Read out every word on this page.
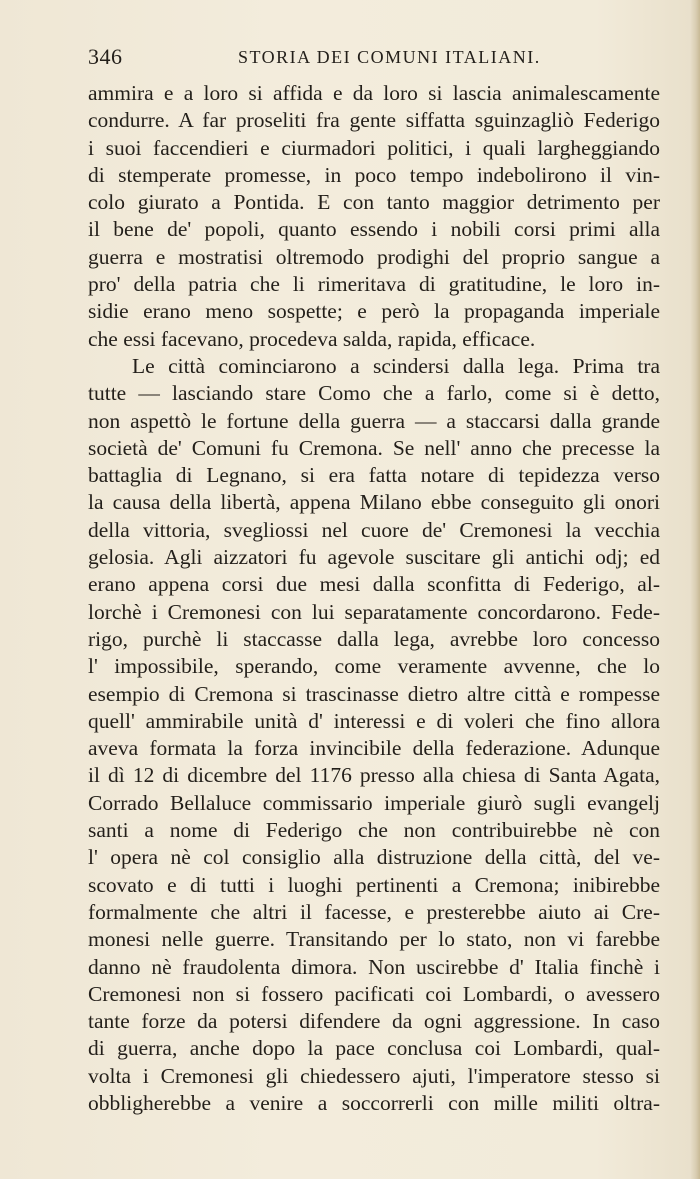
346	STORIA DEI COMUNI ITALIANI.
ammira e a loro si affida e da loro si lascia animalescamente
condurre. A far proseliti fra gente siffatta sguinzagliò Federigo
i suoi faccendieri e ciurmadori politici, i quali largheggiando
di stemperate promesse, in poco tempo indebolirono il vin-
colo giurato a Pontida. E con tanto maggior detrimento per
il bene de' popoli, quanto essendo i nobili corsi primi alla
guerra e mostratisi oltremodo prodighi del proprio sangue a
pro' della patria che li rimeritava di gratitudine, le loro in-
sidie erano meno sospette; e però la propaganda imperiale
che essi facevano, procedeva salda, rapida, efficace.
Le città cominciarono a scindersi dalla lega. Prima tra
tutte — lasciando stare Como che a farlo, come si è detto,
non aspettò le fortune della guerra — a staccarsi dalla grande
società de' Comuni fu Cremona. Se nell' anno che precesse la
battaglia di Legnano, si era fatta notare di tepidezza verso
la causa della libertà, appena Milano ebbe conseguito gli onori
della vittoria, svegliossi nel cuore de' Cremonesi la vecchia
gelosia. Agli aizzatori fu agevole suscitare gli antichi odj; ed
erano appena corsi due mesi dalla sconfitta di Federigo, al-
lorchè i Cremonesi con lui separatamente concordarono. Fede-
rigo, purchè li staccasse dalla lega, avrebbe loro concesso
l' impossibile, sperando, come veramente avvenne, che lo
esempio di Cremona si trascinasse dietro altre città e rompesse
quell' ammirabile unità d' interessi e di voleri che fino allora
aveva formata la forza invincibile della federazione. Adunque
il dì 12 di dicembre del 1176 presso alla chiesa di Santa Agata,
Corrado Bellaluce commissario imperiale giurò sugli evangelj
santi a nome di Federigo che non contribuirebbe nè con
l' opera nè col consiglio alla distruzione della città, del ve-
scovato e di tutti i luoghi pertinenti a Cremona; inibirebbe
formalmente che altri il facesse, e presterebbe aiuto ai Cre-
monesi nelle guerre. Transitando per lo stato, non vi farebbe
danno nè fraudolenta dimora. Non uscirebbe d' Italia finchè i
Cremonesi non si fossero pacificati coi Lombardi, o avessero
tante forze da potersi difendere da ogni aggressione. In caso
di guerra, anche dopo la pace conclusa coi Lombardi, qual-
volta i Cremonesi gli chiedessero ajuti, l'imperatore stesso si
obbligherebbe a venire a soccorrerli con mille militi oltra-
